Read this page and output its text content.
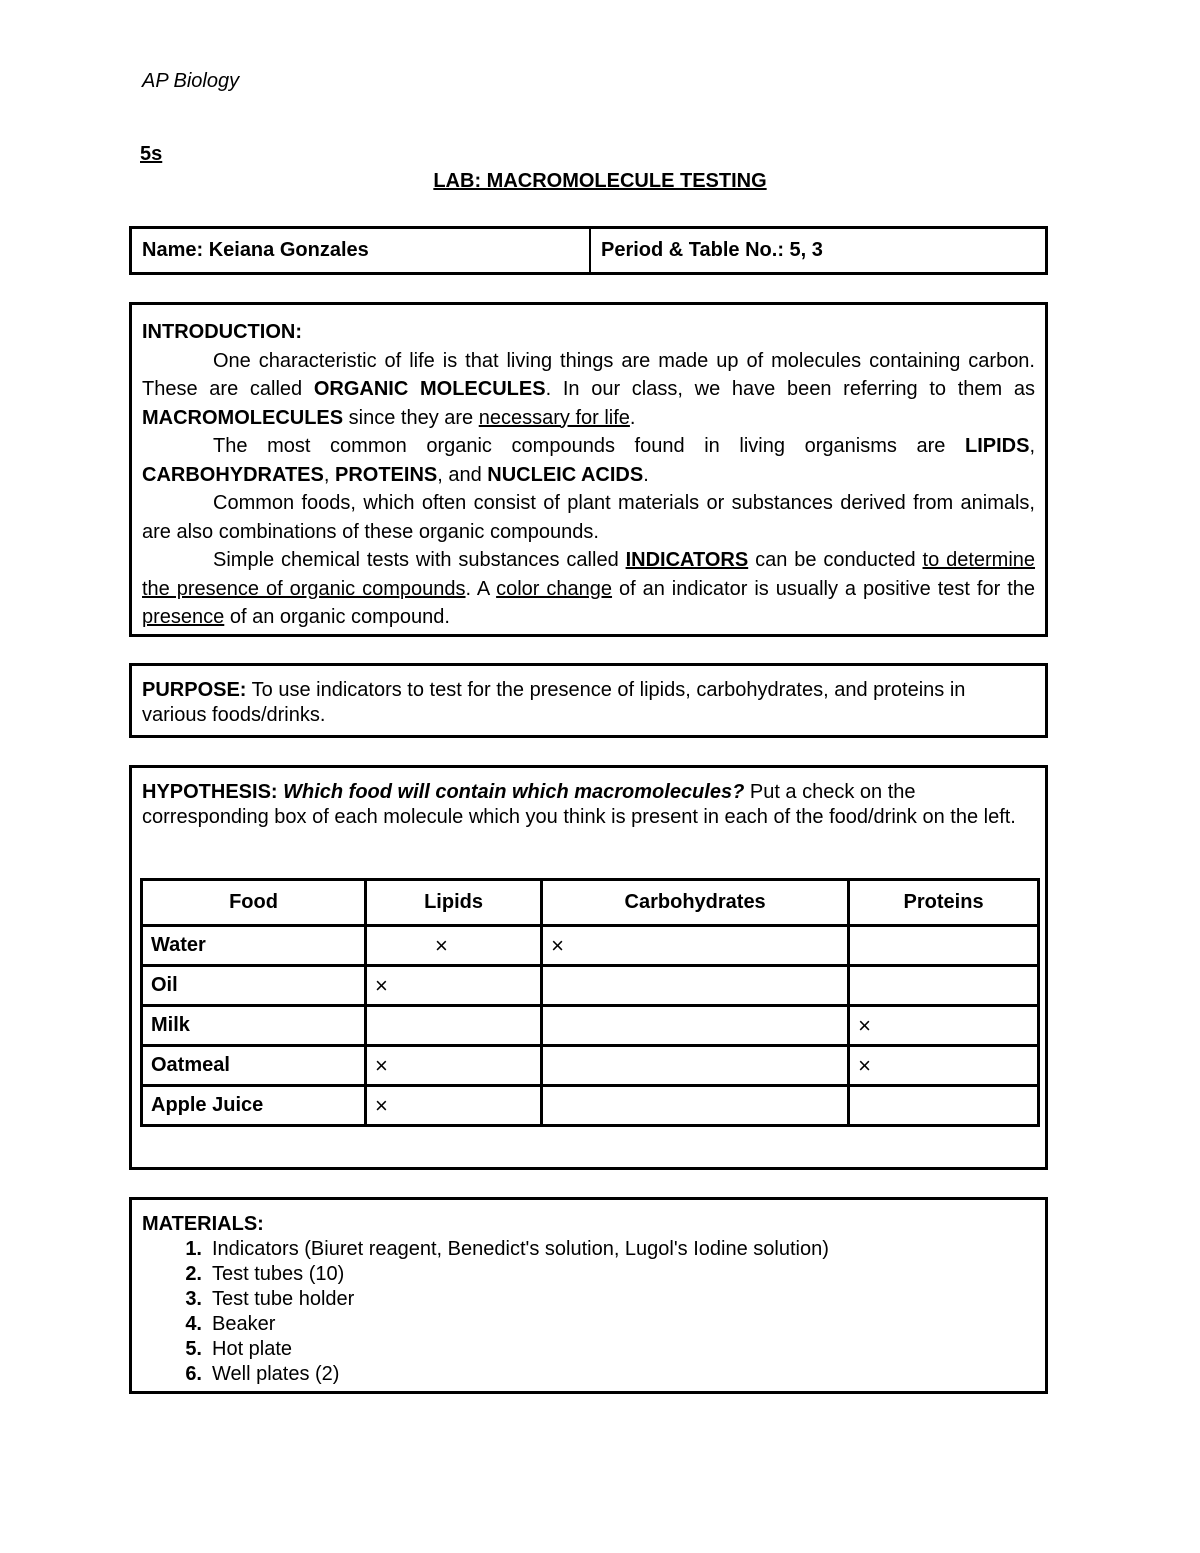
AP Biology
5s
LAB: MACROMOLECULE TESTING
Name: Keiana Gonzales	Period & Table No.: 5, 3

INTRODUCTION:

One characteristic of life is that living things are made up of molecules containing carbon. These are called ORGANIC MOLECULES. In our class, we have been referring to them as MACROMOLECULES since they are necessary for life.

The most common organic compounds found in living organisms are LIPIDS, CARBOHYDRATES, PROTEINS, and NUCLEIC ACIDS.

Common foods, which often consist of plant materials or substances derived from animals, are also combinations of these organic compounds.

Simple chemical tests with substances called INDICATORS can be conducted to determine the presence of organic compounds. A color change of an indicator is usually a positive test for the presence of an organic compound.

PURPOSE: To use indicators to test for the presence of lipids, carbohydrates, and proteins in various foods/drinks.

HYPOTHESIS: Which food will contain which macromolecules? Put a check on the corresponding box of each molecule which you think is present in each of the food/drink on the left.

Food	Lipids	Carbohydrates	Proteins
Water	×	×	
Oil	×		
Milk			×
Oatmeal	×		×
Apple Juice	×		
MATERIALS:
1. Indicators (Biuret reagent, Benedict's solution, Lugol's Iodine solution)
2. Test tubes (10)
3. Test tube holder
4. Beaker
5. Hot plate
6. Well plates (2)
